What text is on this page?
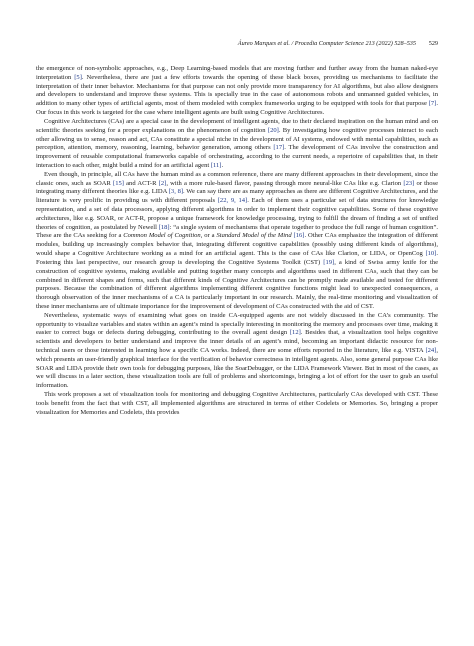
Áureo Marques et al. / Procedia Computer Science 213 (2022) 528–535 529

the emergence of non-symbolic approaches, e.g., Deep Learning-based models that are moving further and further away from the human naked-eye interpretation [5]. Nevertheless, there are just a few efforts towards the opening of these black boxes, providing us mechanisms to facilitate the interpretation of their inner behavior. Mechanisms for that purpose can not only provide more transparency for AI algorithms, but also allow designers and developers to understand and improve these systems. This is specially true in the case of autonomous robots and unmanned guided vehicles, in addition to many other types of artificial agents, most of them modeled with complex frameworks urging to be equipped with tools for that purpose [7]. Our focus in this work is targeted for the case where intelligent agents are built using Cognitive Architectures.

Cognitive Architectures (CAs) are a special case in the development of intelligent agents, due to their declared inspiration on the human mind and on scientific theories seeking for a proper explanations on the phenomenon of cognition [20]. By investigating how cognitive processes interact to each other allowing us to sense, reason and act, CAs constitute a special niche in the development of AI systems, endowed with mental capabilities, such as perception, attention, memory, reasoning, learning, behavior generation, among others [17]. The development of CAs involve the construction and improvement of reusable computational frameworks capable of orchestrating, according to the current needs, a repertoire of capabilities that, in their interaction to each other, might build a mind for an artificial agent [11].

Even though, in principle, all CAs have the human mind as a common reference, there are many different approaches in their development, since the classic ones, such as SOAR [15] and ACT-R [2], with a more rule-based flavor, passing through more neural-like CAs like e.g. Clarion [23] or those integrating many different theories like e.g. LIDA [3, 8]. We can say there are as many approaches as there are different Cognitive Architectures, and the literature is very prolific in providing us with different proposals [22, 9, 14]. Each of them uses a particular set of data structures for knowledge representation, and a set of data processors, applying different algorithms in order to implement their cognitive capabilities. Some of these cognitive architectures, like e.g. SOAR, or ACT-R, propose a unique framework for knowledge processing, trying to fulfill the dream of finding a set of unified theories of cognition, as postulated by Newell [18]: “a single system of mechanisms that operate together to produce the full range of human cognition”. These are the CAs seeking for a Common Model of Cognition, or a Standard Model of the Mind [16]. Other CAs emphasize the integration of different modules, building up increasingly complex behavior that, integrating different cognitive capabilities (possibly using different kinds of algorithms), would shape a Cognitive Architecture working as a mind for an artificial agent. This is the case of CAs like Clarion, or LIDA, or OpenCog [10]. Fostering this last perspective, our research group is developing the Cognitive Systems Toolkit (CST) [19], a kind of Swiss army knife for the construction of cognitive systems, making available and putting together many concepts and algorithms used in different CAs, such that they can be combined in different shapes and forms, such that different kinds of Cognitive Architectures can be promptly made available and tested for different purposes. Because the combination of different algorithms implementing different cognitive functions might lead to unexpected consequences, a thorough observation of the inner mechanisms of a CA is particularly important in our research. Mainly, the real-time monitoring and visualization of these inner mechanisms are of ultimate importance for the improvement of development of CAs constructed with the aid of CST.

Nevertheless, systematic ways of examining what goes on inside CA-equipped agents are not widely discussed in the CA’s community. The opportunity to visualize variables and states within an agent’s mind is specially interesting in monitoring the memory and processes over time, making it easier to correct bugs or defects during debugging, contributing to the overall agent design [12]. Besides that, a visualization tool helps cognitive scientists and developers to better understand and improve the inner details of an agent’s mind, becoming an important didactic resource for non-technical users or those interested in learning how a specific CA works. Indeed, there are some efforts reported in the literature, like e.g. VISTA [24], which presents an user-friendly graphical interface for the verification of behavior correctness in intelligent agents. Also, some general purpose CAs like SOAR and LIDA provide their own tools for debugging purposes, like the SoarDebugger, or the LIDA Framework Viewer. But in most of the cases, as we will discuss in a later section, these visualization tools are full of problems and shortcomings, bringing a lot of effort for the user to grab an useful information.

This work proposes a set of visualization tools for monitoring and debugging Cognitive Architectures, particularly CAs developed with CST. These tools benefit from the fact that with CST, all implemented algorithms are structured in terms of either Codelets or Memories. So, bringing a proper visualization for Memories and Codelets, this provides
